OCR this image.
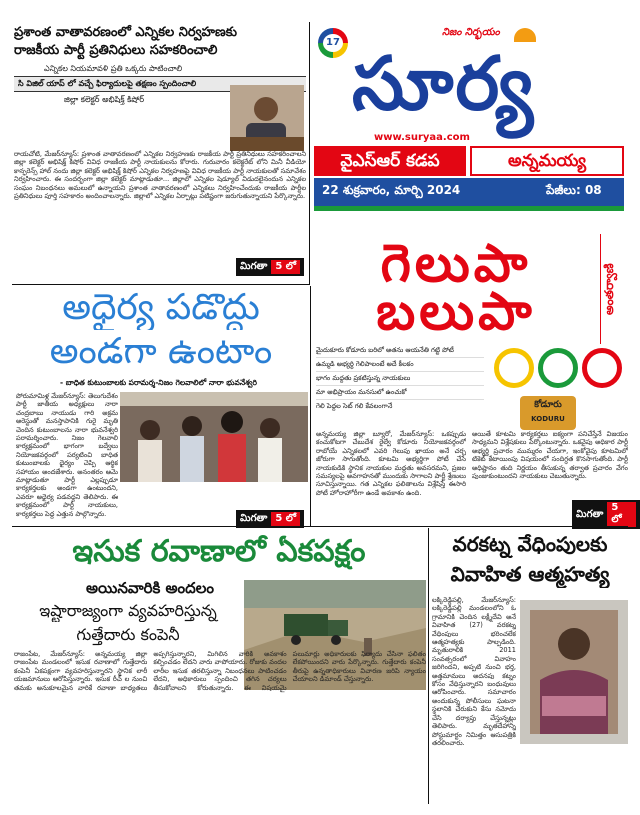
ప్రశాంత వాతావరణంలో ఎన్నికల నిర్వహణకు
రాజకీయ పార్టీ ప్రతినిధులు సహకరించాలి
ఎన్నికల నియమావళి ప్రతి ఒక్కరు పాటించాలి
సి విజిల్ యాప్ లో వచ్చే ఫిర్యాదులపై తక్షణం స్పందించాలి
జిల్లా కలెక్టర్ అభిషిక్త్ కిషోర్
రాయచోటి, మేజర్‌న్యూస్: ప్రశాంత వాతావరణంలో ఎన్నికల నిర్వహణకు రాజకీయ పార్టీ ప్రతినిధులు సహకరించాలని జిల్లా కలెక్టర్ అభిషిక్త్ కిషోర్ వివిధ రాజకీయ పార్టీ నాయకులను కోరారు. గురువారం కలెక్టరేట్ లోని మినీ వీడియో కాన్ఫరెన్స్ హాల్ నందు జిల్లా కలెక్టర్ అభిషిక్త్ కిషోర్ ఎన్నికల నిర్వహణపై వివిధ రాజకీయ పార్టీ నాయకులతో సమావేశం నిర్వహించారు. ఈ సందర్భంగా జిల్లా కలెక్టర్ మాట్లాడుతూ... జిల్లాలో ఎన్నికల షెడ్యూల్ విడుదలైనందున ఎన్నికల సంఘం నిబంధనలు అమలులో ఉన్నాయని ప్రశాంత వాతావరణంలో ఎన్నికలు నిర్వహించేందుకు రాజకీయ పార్టీల ప్రతినిధులు పూర్తి సహకారం అందించాలన్నారు. జిల్లాలో ఎన్నికల ఏర్పాట్లు పటిష్టంగా జరుగుతున్నాయని పేర్కొన్నారు.
మిగతా 5 లో
17
నిజం నిర్భయం
సూర్య
www.suryaa.com
వైఎస్ఆర్ కడప	అన్నమయ్య
22 శుక్రవారం, మార్చి 2024	పేజీలు: 08
గెలుపా
బలుపా	అంతర్వాణి
మైదుకూరు కోడూరు బరిలో అతను ఆయనేతి గట్టి పోటీ
ఉమ్మడి అభ్యర్థి గెలిపాలంటే అదే కీలకం
భాగం మద్దతు ప్రకటిస్తున్న నాయకులు
మా అభిప్రాయం మనసులో ఉంచుకో
గెలి పెద్దల సెట్ గలి కేవలంగానే	కోడూరు
KODURU
అన్నమయ్య జిల్లా బ్యూరో, మేజర్‌న్యూస్: ఒకప్పుడు కంచుకోటగా చేబుదేశ రైల్వే కోడూరు నియోజకవర్గంలో రాబోయే ఎన్నికలలో ఎవరి గెలుపు ఖాయం అనే చర్చ జోరుగా సాగుతోంది. కూటమి అభ్యర్థిగా పోటీ చేసే నాయకుడికి స్థానిక నాయకుల మద్దతు అవసరమని, ప్రజల సమస్యలపై అవగాహనతో ముందుకు సాగాలని పార్టీ శ్రేణులు సూచిస్తున్నాయి. గత ఎన్నికల ఫలితాలను విశ్లేషిస్తే ఈసారి పోటీ హోరాహోరీగా ఉండే అవకాశం ఉంది.
అయితే కూటమి కార్యకర్తలు ఐక్యంగా పనిచేస్తేనే విజయం సాధ్యమని విశ్లేషకులు పేర్కొంటున్నారు. ఒకవైపు అధికార పార్టీ అభ్యర్థి ప్రచారం ముమ్మరం చేయగా, ఇంకోవైపు కూటమిలో టికెట్ కేటాయింపు విషయంలో సందిగ్ధత కొనసాగుతోంది. పార్టీ అధిష్టానం తుది నిర్ణయం తీసుకున్న తర్వాత ప్రచారం వేగం పుంజుకుంటుందని నాయకులు చెబుతున్నారు.
మిగతా
5 లో
అధైర్య పడొద్దు
అండగా ఉంటాం
- బాధిత కుటుంబాలకు పరామర్శ-నిజం గెలవాలిలో నారా భువనేశ్వరి
పోరుమామిళ్ల మేజర్‌న్యూస్: తెలుగుదేశం పార్టీ జాతీయ అధ్యక్షులు నారా చంద్రబాబు నాయుడు గారి అక్రమ అరెస్టుతో మనస్తాపానికి గురై మృతి చెందిన కుటుంబాలను నారా భువనేశ్వరి పరామర్శించారు. నిజం గెలవాలి కార్యక్రమంలో భాగంగా బద్వేలు నియోజకవర్గంలో పర్యటించి బాధిత కుటుంబాలకు ధైర్యం చెప్పి ఆర్థిక సహాయం అందజేశారు. అనంతరం ఆమె మాట్లాడుతూ పార్టీ ఎల్లప్పుడూ కార్యకర్తలకు అండగా ఉంటుందని, ఎవరూ అధైర్య పడవద్దని తెలిపారు. ఈ కార్యక్రమంలో పార్టీ నాయకులు, కార్యకర్తలు పెద్ద ఎత్తున పాల్గొన్నారు.	మిగతా 5 లో
ఇసుక రవాణాలో ఏకపక్షం
అయినవారికి అందలం
ఇష్టారాజ్యంగా వ్యవహరిస్తున్న
గుత్తేదారు కంపెనీ
రాజంపేట, మేజర్‌న్యూస్: అన్నమయ్య జిల్లా రాజంపేట మండలంలో ఇసుక రవాణాలో గుత్తేదారు కంపెనీ ఏకపక్షంగా వ్యవహరిస్తున్నారని స్థానిక లారీ యజమానులు ఆరోపిస్తున్నారు. ఇసుక రీచ్ ల నుంచి తమకు అనుకూలమైన వారికే రవాణా బాధ్యతలు అప్పగిస్తున్నారని, మిగిలిన వారికి అవకాశం కల్పించడం లేదని వారు వాపోయారు. రోజుకు వందల లారీల ఇసుక తరలిస్తున్నా నిబంధనలు పాటించడం లేదని, అధికారులు స్పందించి తగిన చర్యలు తీసుకోవాలని కోరుతున్నారు. ఈ విషయమై పలుమార్లు అధికారులకు ఫిర్యాదు చేసినా ఫలితం లేకపోయిందని వారు పేర్కొన్నారు. గుత్తేదారు కంపెనీ తీరుపై ఉన్నతాధికారులు విచారణ జరిపి న్యాయం చేయాలని డిమాండ్ చేస్తున్నారు.
వరకట్న వేధింపులకు
వివాహిత ఆత్మహత్య
లక్కిరెడ్డిపల్లి, మేజర్‌న్యూస్: లక్కిరెడ్డిపల్లి మండలంలోని ఓ గ్రామానికి చెందిన లక్ష్మీదేవి అనే వివాహిత (27) వరకట్న వేధింపులు భరించలేక ఆత్మహత్యకు పాల్పడింది. మృతురాలికి 2011 సంవత్సరంలో వివాహం జరిగిందని, అప్పటి నుంచి భర్త, అత్తమామలు అదనపు కట్నం కోసం వేధిస్తున్నారని బంధువులు ఆరోపించారు. సమాచారం అందుకున్న పోలీసులు ఘటనా స్థలానికి చేరుకుని కేసు నమోదు చేసి దర్యాప్తు చేస్తున్నట్లు తెలిపారు. మృతదేహాన్ని పోస్టుమార్టం నిమిత్తం ఆసుపత్రికి తరలించారు.
